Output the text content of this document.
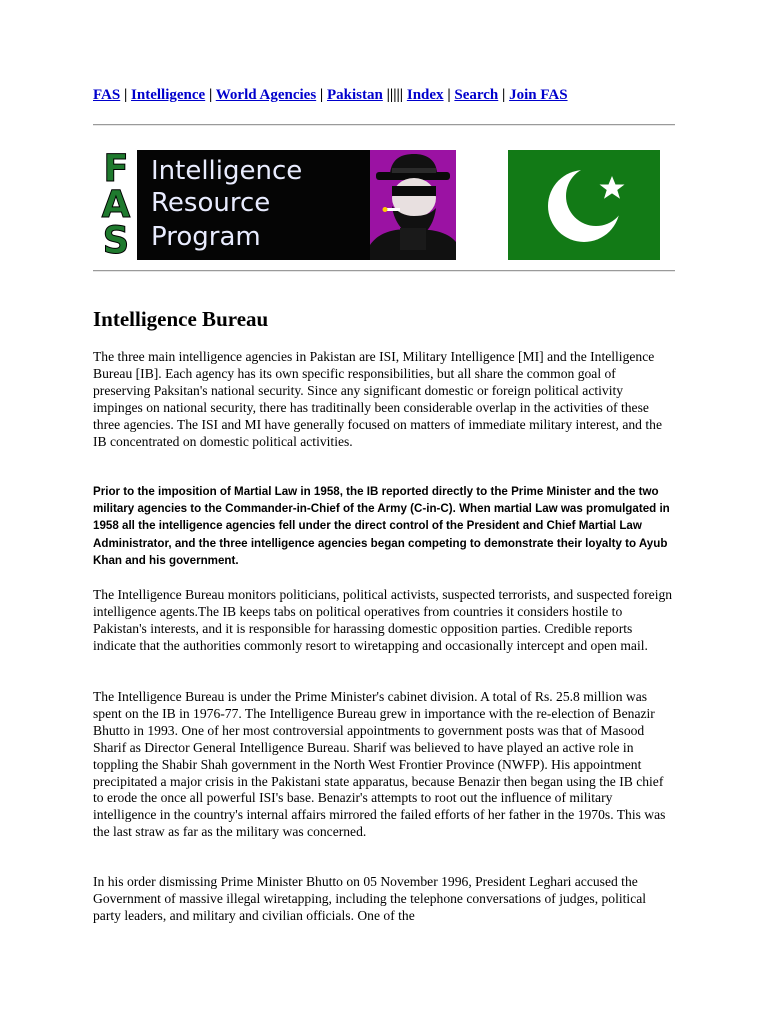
FAS | Intelligence | World Agencies | Pakistan ||||| Index | Search | Join FAS
F
A
S
Intelligence
Resource
Program
Intelligence Bureau

The three main intelligence agencies in Pakistan are ISI, Military Intelligence [MI] and the Intelligence Bureau [IB]. Each agency has its own specific responsibilities, but all share the common goal of preserving Paksitan's national security. Since any significant domestic or foreign political activity impinges on national security, there has traditinally been considerable overlap in the activities of these three agencies. The ISI and MI have generally focused on matters of immediate military interest, and the IB concentrated on domestic political activities.

Prior to the imposition of Martial Law in 1958, the IB reported directly to the Prime Minister and the two military agencies to the Commander-in-Chief of the Army (C-in-C). When martial Law was promulgated in 1958 all the intelligence agencies fell under the direct control of the President and Chief Martial Law Administrator, and the three intelligence agencies began competing to demonstrate their loyalty to Ayub Khan and his government.

The Intelligence Bureau monitors politicians, political activists, suspected terrorists, and suspected foreign intelligence agents.The IB keeps tabs on political operatives from countries it considers hostile to Pakistan's interests, and it is responsible for harassing domestic opposition parties. Credible reports indicate that the authorities commonly resort to wiretapping and occasionally intercept and open mail.

The Intelligence Bureau is under the Prime Minister's cabinet division. A total of Rs. 25.8 million was spent on the IB in 1976-77. The Intelligence Bureau grew in importance with the re-election of Benazir Bhutto in 1993. One of her most controversial appointments to government posts was that of Masood Sharif as Director General Intelligence Bureau. Sharif was believed to have played an active role in toppling the Shabir Shah government in the North West Frontier Province (NWFP). His appointment precipitated a major crisis in the Pakistani state apparatus, because Benazir then began using the IB chief to erode the once all powerful ISI's base. Benazir's attempts to root out the influence of military intelligence in the country's internal affairs mirrored the failed efforts of her father in the 1970s. This was the last straw as far as the military was concerned.

In his order dismissing Prime Minister Bhutto on 05 November 1996, President Leghari accused the Government of massive illegal wiretapping, including the telephone conversations of judges, political party leaders, and military and civilian officials. One of the
